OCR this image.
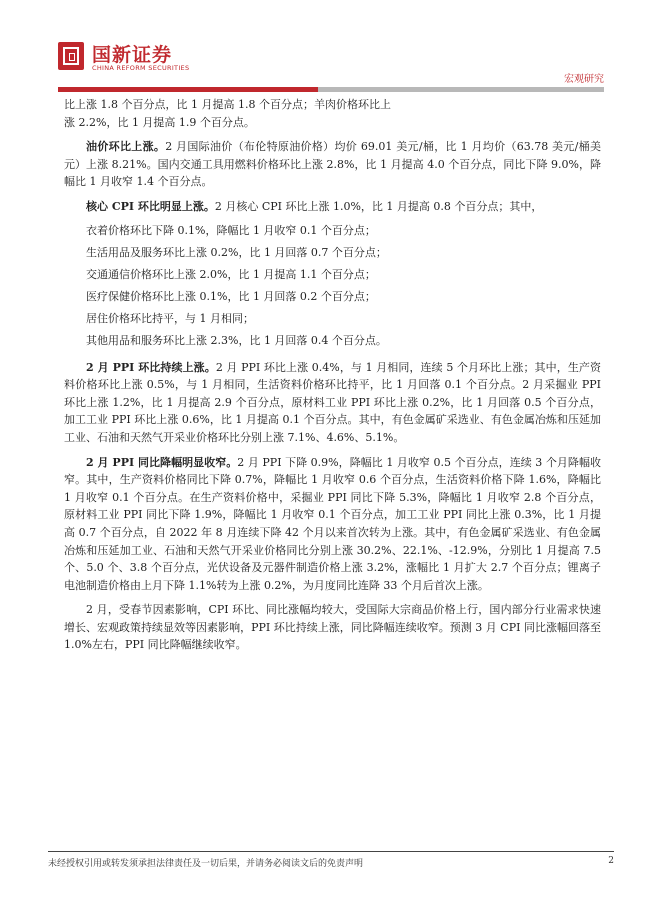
国新证券
CHINA REFORM SECURITIES
宏观研究

比上涨 1.8 个百分点，比 1 月提高 1.8 个百分点；羊肉价格环比上
涨 2.2%，比 1 月提高 1.9 个百分点。

油价环比上涨。2 月国际油价（布伦特原油价格）均价 69.01 美元/桶，比 1 月均价（63.78 美元/桶美元）上涨 8.21%。国内交通工具用燃料价格环比上涨 2.8%，比 1 月提高 4.0 个百分点，同比下降 9.0%，降幅比 1 月收窄 1.4 个百分点。

核心 CPI 环比明显上涨。2 月核心 CPI 环比上涨 1.0%，比 1 月提高 0.8 个百分点；其中，

衣着价格环比下降 0.1%，降幅比 1 月收窄 0.1 个百分点；
生活用品及服务环比上涨 0.2%，比 1 月回落 0.7 个百分点；
交通通信价格环比上涨 2.0%，比 1 月提高 1.1 个百分点；
医疗保健价格环比上涨 0.1%，比 1 月回落 0.2 个百分点；
居住价格环比持平，与 1 月相同；
其他用品和服务环比上涨 2.3%，比 1 月回落 0.4 个百分点。

2 月 PPI 环比持续上涨。2 月 PPI 环比上涨 0.4%，与 1 月相同，连续 5 个月环比上涨；其中，生产资料价格环比上涨 0.5%，与 1 月相同，生活资料价格环比持平，比 1 月回落 0.1 个百分点。2 月采掘业 PPI 环比上涨 1.2%，比 1 月提高 2.9 个百分点，原材料工业 PPI 环比上涨 0.2%，比 1 月回落 0.5 个百分点，加工工业 PPI 环比上涨 0.6%，比 1 月提高 0.1 个百分点。其中，有色金属矿采选业、有色金属冶炼和压延加工业、石油和天然气开采业价格环比分别上涨 7.1%、4.6%、5.1%。

2 月 PPI 同比降幅明显收窄。2 月 PPI 下降 0.9%，降幅比 1 月收窄 0.5 个百分点，连续 3 个月降幅收窄。其中，生产资料价格同比下降 0.7%，降幅比 1 月收窄 0.6 个百分点，生活资料价格下降 1.6%，降幅比 1 月收窄 0.1 个百分点。在生产资料价格中，采掘业 PPI 同比下降 5.3%，降幅比 1 月收窄 2.8 个百分点，原材料工业 PPI 同比下降 1.9%，降幅比 1 月收窄 0.1 个百分点，加工工业 PPI 同比上涨 0.3%，比 1 月提高 0.7 个百分点，自 2022 年 8 月连续下降 42 个月以来首次转为上涨。其中，有色金属矿采选业、有色金属冶炼和压延加工业、石油和天然气开采业价格同比分别上涨 30.2%、22.1%、-12.9%，分别比 1 月提高 7.5 个、5.0 个、3.8 个百分点，光伏设备及元器件制造价格上涨 3.2%，涨幅比 1 月扩大 2.7 个百分点；锂离子电池制造价格由上月下降 1.1%转为上涨 0.2%，为月度同比连降 33 个月后首次上涨。

2 月，受春节因素影响，CPI 环比、同比涨幅均较大，受国际大宗商品价格上行，国内部分行业需求快速增长、宏观政策持续显效等因素影响，PPI 环比持续上涨，同比降幅连续收窄。预测 3 月 CPI 同比涨幅回落至 1.0%左右，PPI 同比降幅继续收窄。

未经授权引用或转发须承担法律责任及一切后果，并请务必阅读文后的免责声明	2
